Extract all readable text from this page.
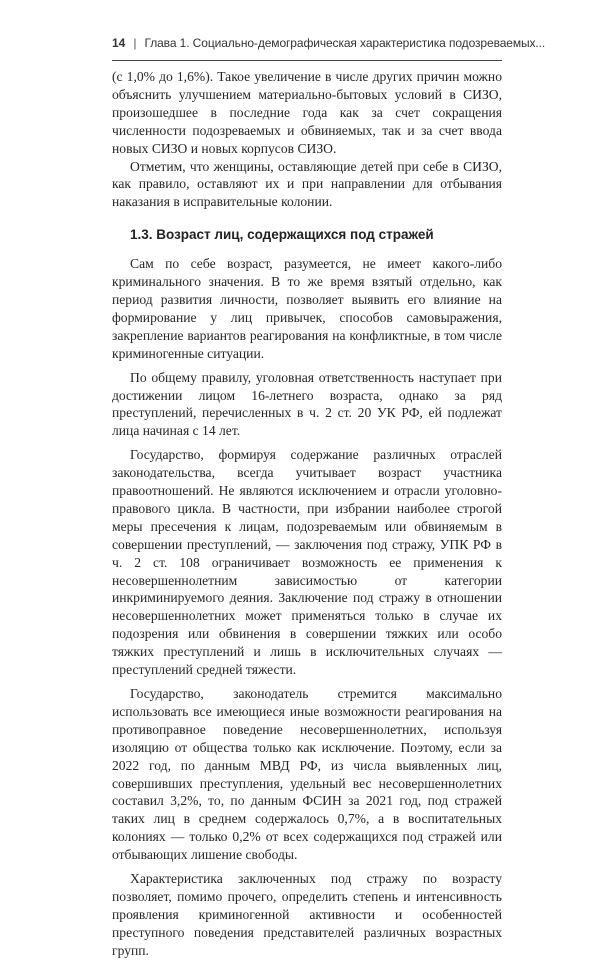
14 | Глава 1. Социально-демографическая характеристика подозреваемых...

(с 1,0% до 1,6%). Такое увеличение в числе других причин можно объяснить улучшением материально-бытовых условий в СИЗО, произошедшее в последние года как за счет сокращения численности подозреваемых и обвиняемых, так и за счет ввода новых СИЗО и новых корпусов СИЗО.

Отметим, что женщины, оставляющие детей при себе в СИЗО, как правило, оставляют их и при направлении для отбывания наказания в исправительные колонии.

1.3. Возраст лиц, содержащихся под стражей

Сам по себе возраст, разумеется, не имеет какого-либо криминального значения. В то же время взятый отдельно, как период развития личности, позволяет выявить его влияние на формирование у лиц привычек, способов самовыражения, закрепление вариантов реагирования на конфликтные, в том числе криминогенные ситуации.

По общему правилу, уголовная ответственность наступает при достижении лицом 16-летнего возраста, однако за ряд преступлений, перечисленных в ч. 2 ст. 20 УК РФ, ей подлежат лица начиная с 14 лет.

Государство, формируя содержание различных отраслей законодательства, всегда учитывает возраст участника правоотношений. Не являются исключением и отрасли уголовно-правового цикла. В частности, при избрании наиболее строгой меры пресечения к лицам, подозреваемым или обвиняемым в совершении преступлений, — заключения под стражу, УПК РФ в ч. 2 ст. 108 ограничивает возможность ее применения к несовершеннолетним зависимостью от категории инкриминируемого деяния. Заключение под стражу в отношении несовершеннолетних может применяться только в случае их подозрения или обвинения в совершении тяжких или особо тяжких преступлений и лишь в исключительных случаях — преступлений средней тяжести.

Государство, законодатель стремится максимально использовать все имеющиеся иные возможности реагирования на противоправное поведение несовершеннолетних, используя изоляцию от общества только как исключение. Поэтому, если за 2022 год, по данным МВД РФ, из числа выявленных лиц, совершивших преступления, удельный вес несовершеннолетних составил 3,2%, то, по данным ФСИН за 2021 год, под стражей таких лиц в среднем содержалось 0,7%, а в воспитательных колониях — только 0,2% от всех содержащихся под стражей или отбывающих лишение свободы.

Характеристика заключенных под стражу по возрасту позволяет, помимо прочего, определить степень и интенсивность проявления криминогенной активности и особенностей преступного поведения представителей различных возрастных групп.
